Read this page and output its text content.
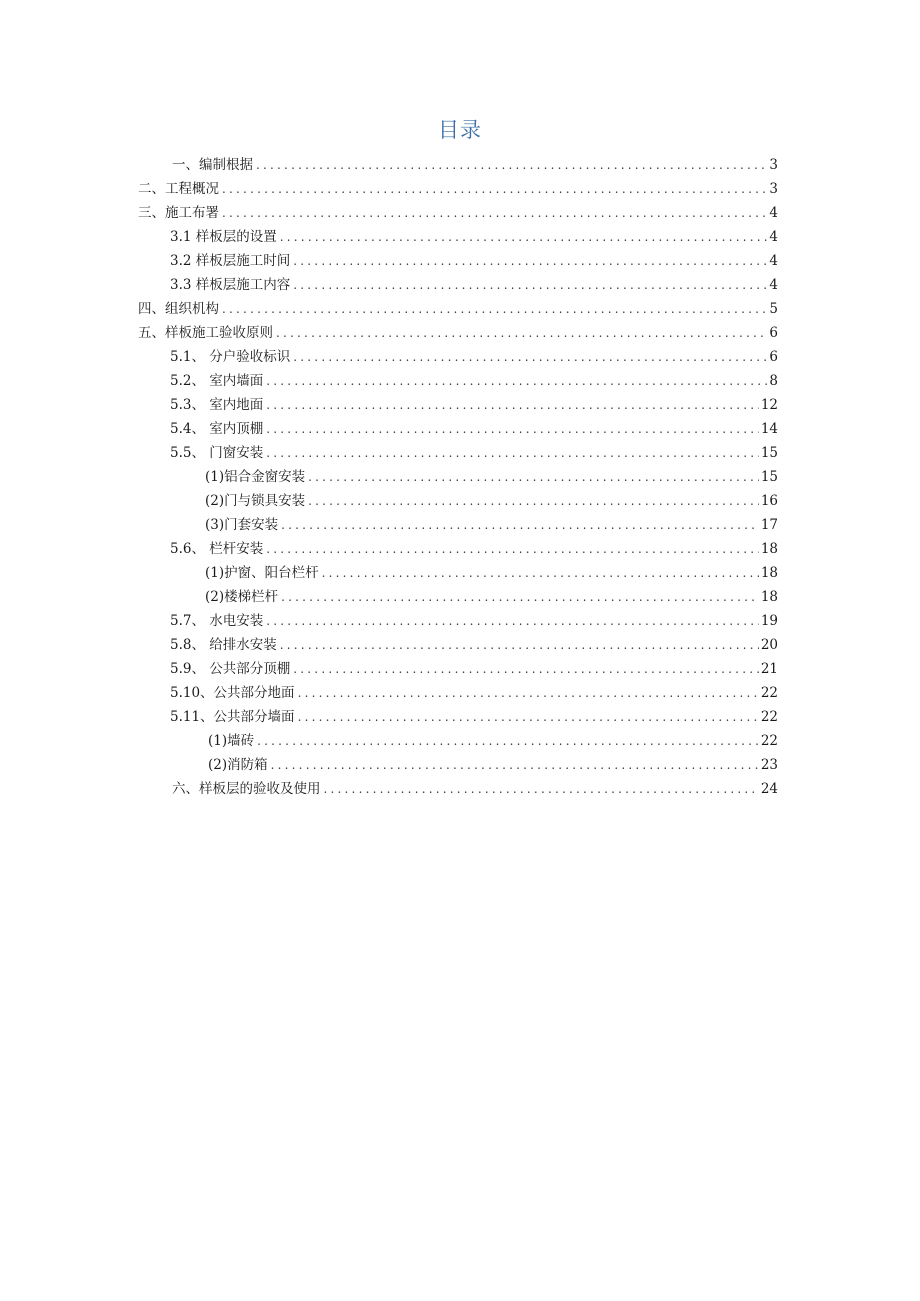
目录
一、编制根据 .....	3
二、工程概况 .....	3
三、施工布署 .....	4
3.1 样板层的设置 .....	4
3.2 样板层施工时间 .....	4
3.3 样板层施工内容 .....	4
四、组织机构 .....	5
五、样板施工验收原则 .....	6
5.1、 分户验收标识 .....	6
5.2、 室内墙面 .....	8
5.3、 室内地面 .....	12
5.4、 室内顶棚 .....	14
5.5、 门窗安装 .....	15
(1)铝合金窗安装 .....	15
(2)门与锁具安装 .....	16
(3)门套安装 .....	17
5.6、 栏杆安装 .....	18
(1)护窗、阳台栏杆 .....	18
(2)楼梯栏杆 .....	18
5.7、 水电安装 .....	19
5.8、 给排水安装 .....	20
5.9、 公共部分顶棚 .....	21
5.10、公共部分地面 .....	22
5.11、公共部分墙面 .....	22
(1)墙砖 .....	22
(2)消防箱 .....	23
六、样板层的验收及使用 .....	24
